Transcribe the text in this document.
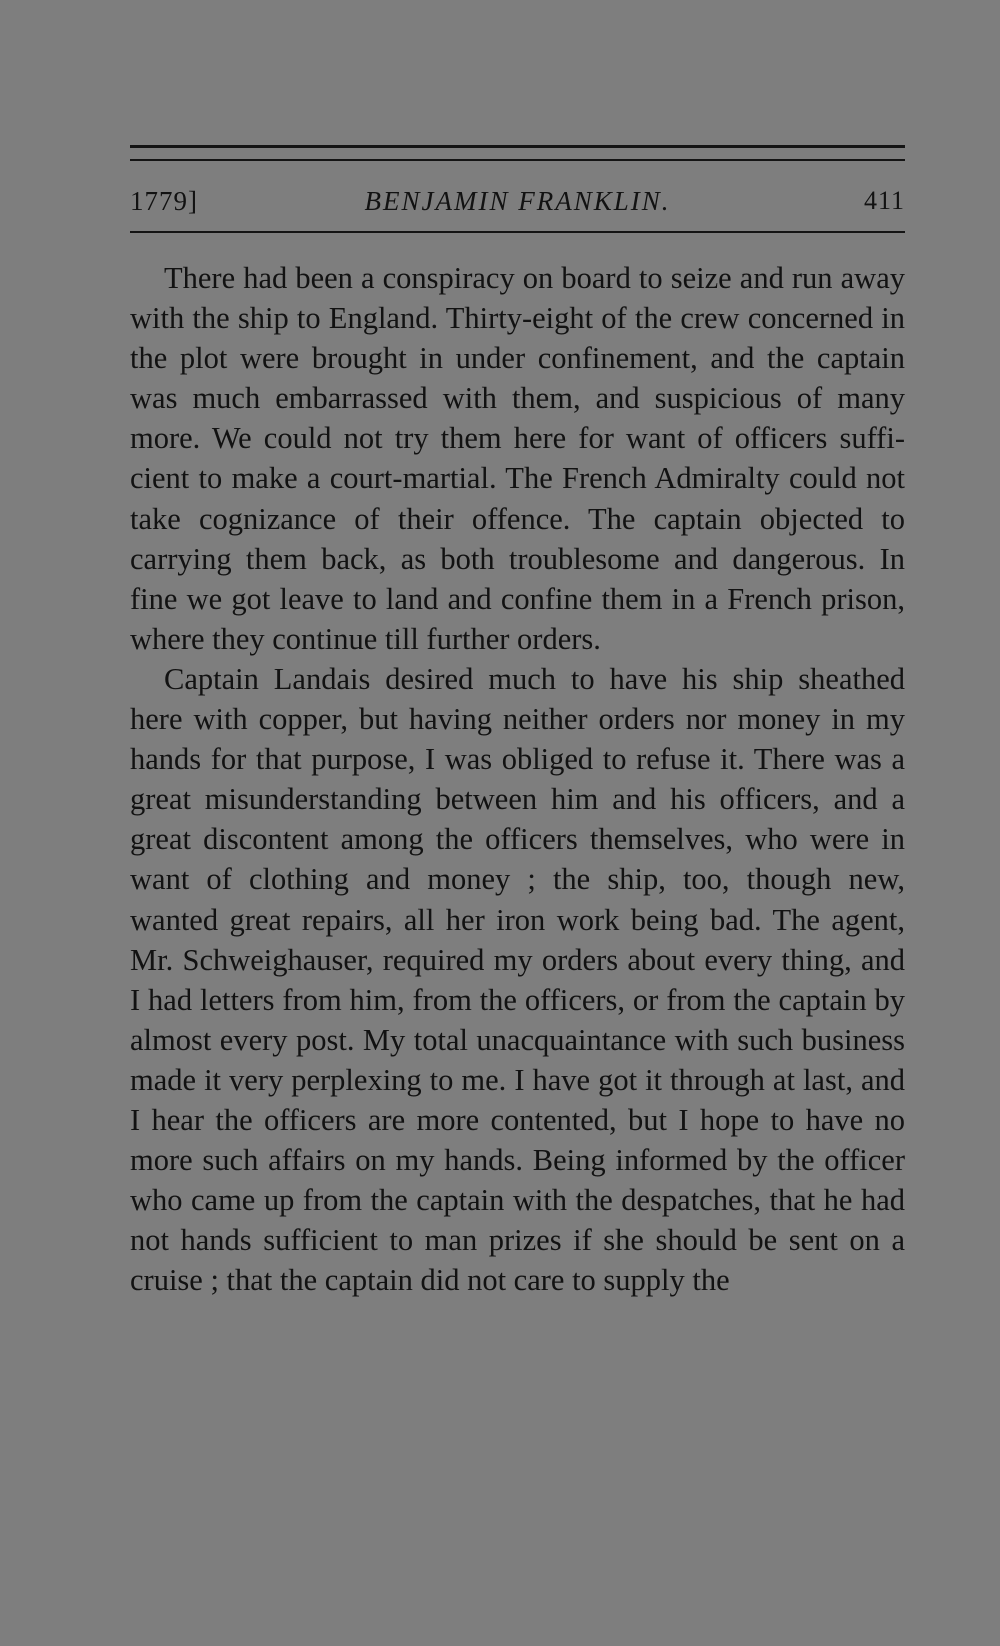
1779]	BENJAMIN FRANKLIN.	411

There had been a conspiracy on board to seize and run away with the ship to England. Thirty-eight of the crew concerned in the plot were brought in under confinement, and the captain was much embarrassed with them, and suspicious of many more. We could not try them here for want of officers sufficient to make a court-martial. The French Admiralty could not take cognizance of their offence. The captain objected to carrying them back, as both troublesome and dangerous. In fine we got leave to land and confine them in a French prison, where they continue till further orders.

Captain Landais desired much to have his ship sheathed here with copper, but having neither orders nor money in my hands for that purpose, I was obliged to refuse it. There was a great misunderstanding between him and his officers, and a great discontent among the officers themselves, who were in want of clothing and money ; the ship, too, though new, wanted great repairs, all her iron work being bad. The agent, Mr. Schweighauser, required my orders about every thing, and I had letters from him, from the officers, or from the captain by almost every post. My total unacquaintance with such business made it very perplexing to me. I have got it through at last, and I hear the officers are more contented, but I hope to have no more such affairs on my hands. Being informed by the officer who came up from the captain with the despatches, that he had not hands sufficient to man prizes if she should be sent on a cruise ; that the captain did not care to supply the
